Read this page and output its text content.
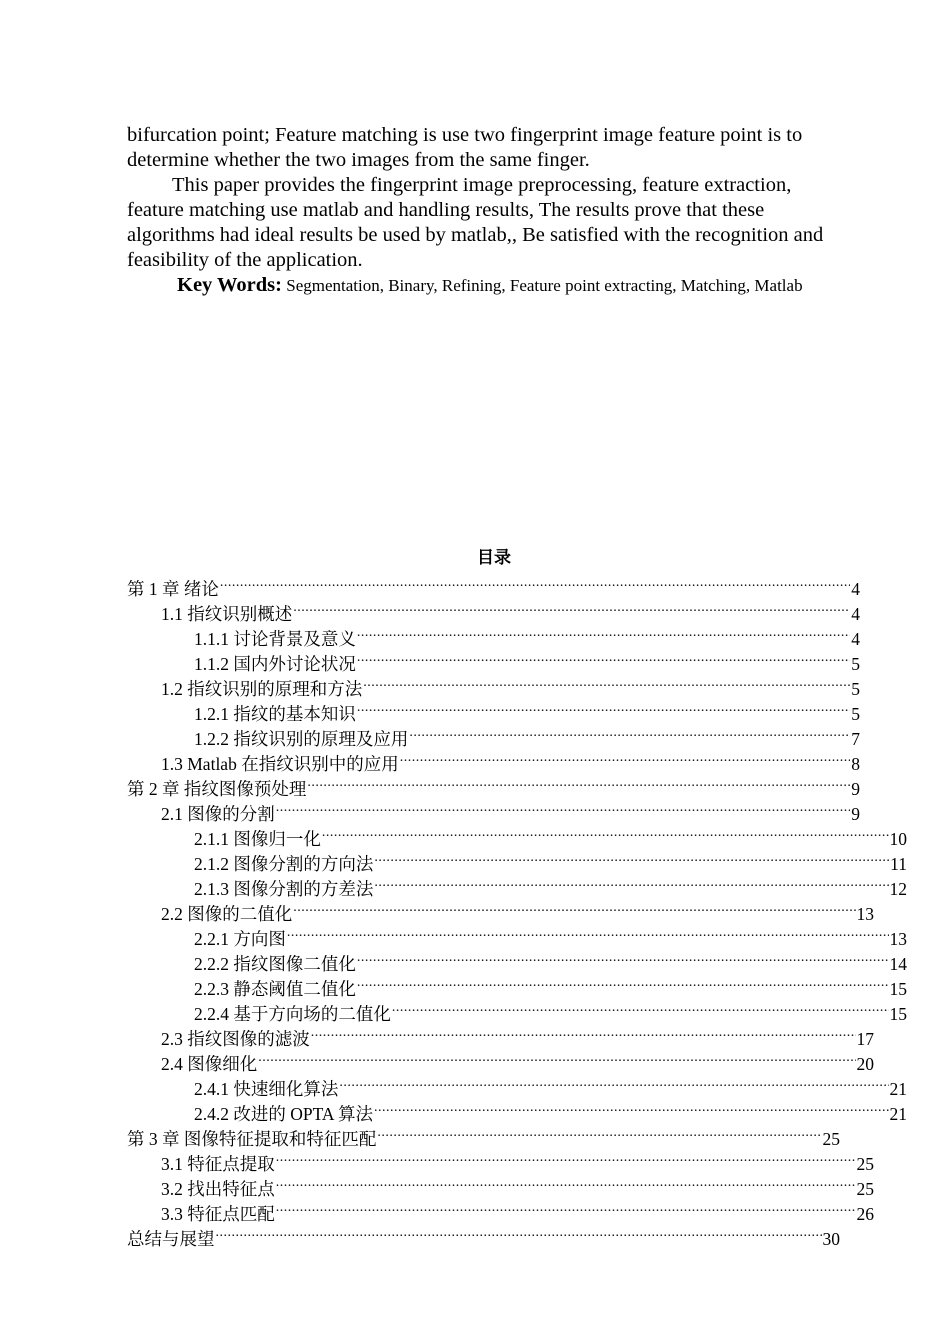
bifurcation point; Feature matching is use two fingerprint image feature point is to determine whether the two images from the same finger.

This paper provides the fingerprint image preprocessing, feature extraction, feature matching use matlab and handling results, The results prove that these algorithms had ideal results be used by matlab,, Be satisfied with the recognition and feasibility of the application.

Key Words: Segmentation, Binary, Refining, Feature point extracting, Matching, Matlab
目录
第 1 章 绪论 .....	4
1.1 指纹识别概述 .....	4
1.1.1 讨论背景及意义 .....	4
1.1.2 国内外讨论状况 .....	5
1.2 指纹识别的原理和方法 .....	5
1.2.1 指纹的基本知识 .....	5
1.2.2 指纹识别的原理及应用 .....	7
1.3 Matlab 在指纹识别中的应用 .....	8
第 2 章 指纹图像预处理 .....	9
2.1 图像的分割 .....	9
2.1.1 图像归一化 .....	10
2.1.2 图像分割的方向法 .....	11
2.1.3 图像分割的方差法 .....	12
2.2 图像的二值化 .....	13
2.2.1 方向图 .....	13
2.2.2 指纹图像二值化 .....	14
2.2.3 静态阈值二值化 .....	15
2.2.4 基于方向场的二值化 .....	15
2.3 指纹图像的滤波 .....	17
2.4 图像细化 .....	20
2.4.1 快速细化算法 .....	21
2.4.2 改进的 OPTA 算法 .....	21
第 3 章 图像特征提取和特征匹配 .....	25
3.1 特征点提取 .....	25
3.2 找出特征点 .....	25
3.3 特征点匹配 .....	26
总结与展望 .....	30
